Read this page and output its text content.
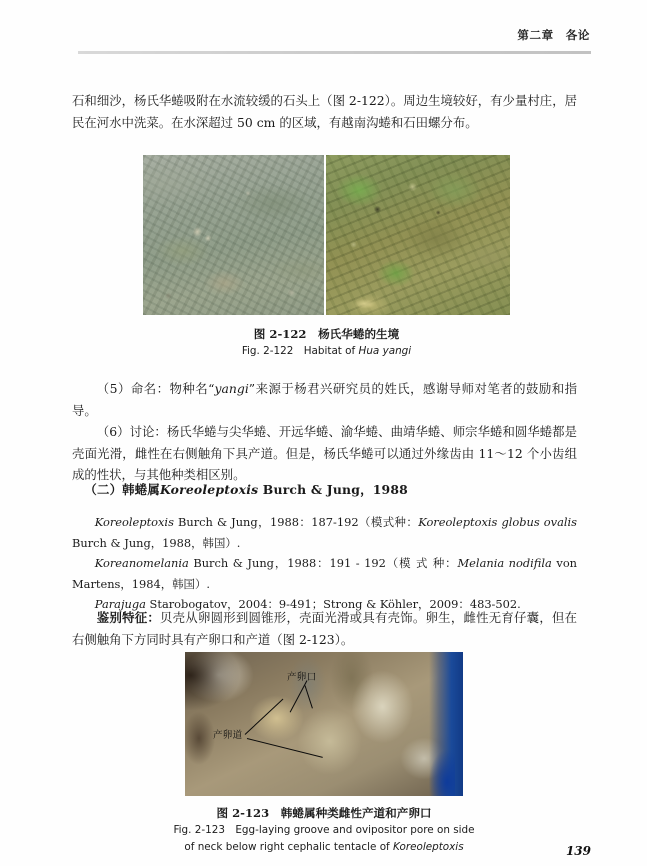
第二章　各论

石和细沙，杨氏华蜷吸附在水流较缓的石头上（图 2-122）。周边生境较好，有少量村庄，居民在河水中洗菜。在水深超过 50 cm 的区域，有越南沟蜷和石田螺分布。

图 2-122　杨氏华蜷的生境
Fig. 2-122　Habitat of Hua yangi

（5）命名：物种名“yangi”来源于杨君兴研究员的姓氏，感谢导师对笔者的鼓励和指导。

（6）讨论：杨氏华蜷与尖华蜷、开远华蜷、渝华蜷、曲靖华蜷、师宗华蜷和圆华蜷都是壳面光滑，雌性在右侧触角下具产道。但是，杨氏华蜷可以通过外缘齿由 11～12 个小齿组成的性状，与其他种类相区别。

（二）韩蜷属Koreoleptoxis Burch & Jung，1988

Koreoleptoxis Burch & Jung，1988：187-192（模式种：Koreoleptoxis globus ovalis Burch & Jung，1988，韩国）.

Koreanomelania Burch & Jung，1988：191 - 192（模 式 种：Melania nodifila von Martens，1984，韩国）.

Parajuga Starobogatov，2004：9-491；Strong & Köhler，2009：483-502.

鉴别特征：贝壳从卵圆形到圆锥形，壳面光滑或具有壳饰。卵生，雌性无育仔囊，但在右侧触角下方同时具有产卵口和产道（图 2-123）。

产卵口
产卵道
图 2-123　韩蜷属种类雌性产道和产卵口
Fig. 2-123　Egg-laying groove and ovipositor pore on side
of neck below right cephalic tentacle of Koreoleptoxis	139
